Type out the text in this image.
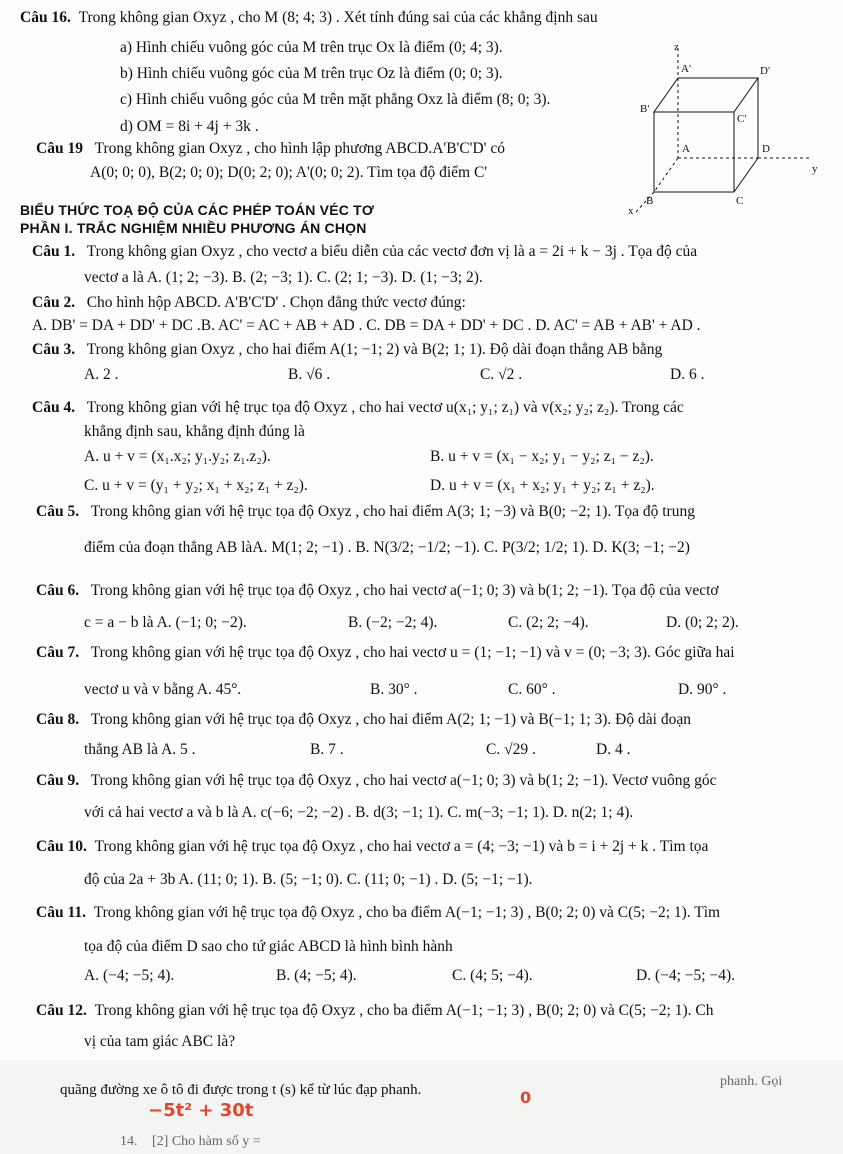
Câu 16. Trong không gian Oxyz , cho M (8; 4; 3) . Xét tính đúng sai của các khẳng định sau
a) Hình chiếu vuông góc của M trên trục Ox là điểm (0; 4; 3).
b) Hình chiếu vuông góc của M trên trục Oz là điểm (0; 0; 3).
c) Hình chiếu vuông góc của M trên mặt phẳng Oxz là điểm (8; 0; 3).
d) OM = 8i + 4j + 3k .
Câu 19 Trong không gian Oxyz , cho hình lập phương ABCD.A'B'C'D' có
A(0; 0; 0), B(2; 0; 0); D(0; 2; 0); A'(0; 0; 2). Tìm tọa độ điểm C'
z
A'	D'
B'
C'
A	D
y
B	C
x
BIỂU THỨC TOẠ ĐỘ CỦA CÁC PHÉP TOÁN VÉC TƠ
PHẦN I. TRẮC NGHIỆM NHIỀU PHƯƠNG ÁN CHỌN
Câu 1. Trong không gian Oxyz , cho vectơ a biểu diễn của các vectơ đơn vị là a = 2i + k − 3j . Tọa độ của
vectơ a là A. (1; 2; −3). B. (2; −3; 1). C. (2; 1; −3). D. (1; −3; 2).
Câu 2. Cho hình hộp ABCD. A'B'C'D' . Chọn đẳng thức vectơ đúng:
A. DB' = DA + DD' + DC .B. AC' = AC + AB + AD . C. DB = DA + DD' + DC . D. AC' = AB + AB' + AD .
Câu 3. Trong không gian Oxyz , cho hai điểm A(1; −1; 2) và B(2; 1; 1). Độ dài đoạn thẳng AB bằng
A. 2 .	B. √6 .	C. √2 .	D. 6 .
Câu 4. Trong không gian với hệ trục tọa độ Oxyz , cho hai vectơ u(x₁; y₁; z₁) và v(x₂; y₂; z₂). Trong các
khẳng định sau, khẳng định đúng là
A. u + v = (x₁.x₂; y₁.y₂; z₁.z₂).	B. u + v = (x₁ − x₂; y₁ − y₂; z₁ − z₂).
C. u + v = (y₁ + y₂; x₁ + x₂; z₁ + z₂).	D. u + v = (x₁ + x₂; y₁ + y₂; z₁ + z₂).
Câu 5. Trong không gian với hệ trục tọa độ Oxyz , cho hai điểm A(3; 1; −3) và B(0; −2; 1). Tọa độ trung
điểm của đoạn thẳng AB làA. M(1; 2; −1) . B. N(3/2; −1/2; −1). C. P(3/2; 1/2; 1). D. K(3; −1; −2)
Câu 6. Trong không gian với hệ trục tọa độ Oxyz , cho hai vectơ a(−1; 0; 3) và b(1; 2; −1). Tọa độ của vectơ
c = a − b là A. (−1; 0; −2).	B. (−2; −2; 4).	C. (2; 2; −4).	D. (0; 2; 2).
Câu 7. Trong không gian với hệ trục tọa độ Oxyz , cho hai vectơ u = (1; −1; −1) và v = (0; −3; 3). Góc giữa hai
vectơ u và v bằng A. 45°.	B. 30° .	C. 60° .	D. 90° .
Câu 8. Trong không gian với hệ trục tọa độ Oxyz , cho hai điểm A(2; 1; −1) và B(−1; 1; 3). Độ dài đoạn
thẳng AB là A. 5 .	B. 7 .	C. √29 .	D. 4 .
Câu 9. Trong không gian với hệ trục tọa độ Oxyz , cho hai vectơ a(−1; 0; 3) và b(1; 2; −1). Vectơ vuông góc
với cả hai vectơ a và b là A. c(−6; −2; −2) . B. d(3; −1; 1). C. m(−3; −1; 1). D. n(2; 1; 4).
Câu 10. Trong không gian với hệ trục tọa độ Oxyz , cho hai vectơ a = (4; −3; −1) và b = i + 2j + k . Tìm tọa
độ của 2a + 3b A. (11; 0; 1). B. (5; −1; 0). C. (11; 0; −1) . D. (5; −1; −1).
Câu 11. Trong không gian với hệ trục tọa độ Oxyz , cho ba điểm A(−1; −1; 3) , B(0; 2; 0) và C(5; −2; 1). Tìm
tọa độ của điểm D sao cho tứ giác ABCD là hình bình hành
A. (−4; −5; 4).	B. (4; −5; 4).	C. (4; 5; −4).	D. (−4; −5; −4).
Câu 12. Trong không gian với hệ trục tọa độ Oxyz , cho ba điểm A(−1; −1; 3) , B(0; 2; 0) và C(5; −2; 1). Ch
vị của tam giác ABC là?
quãng đường xe ô tô đi được trong t (s) kể từ lúc đạp phanh.
−5t² + 30t
0
phanh. Gọi
14. [2] Cho hàm số y =
